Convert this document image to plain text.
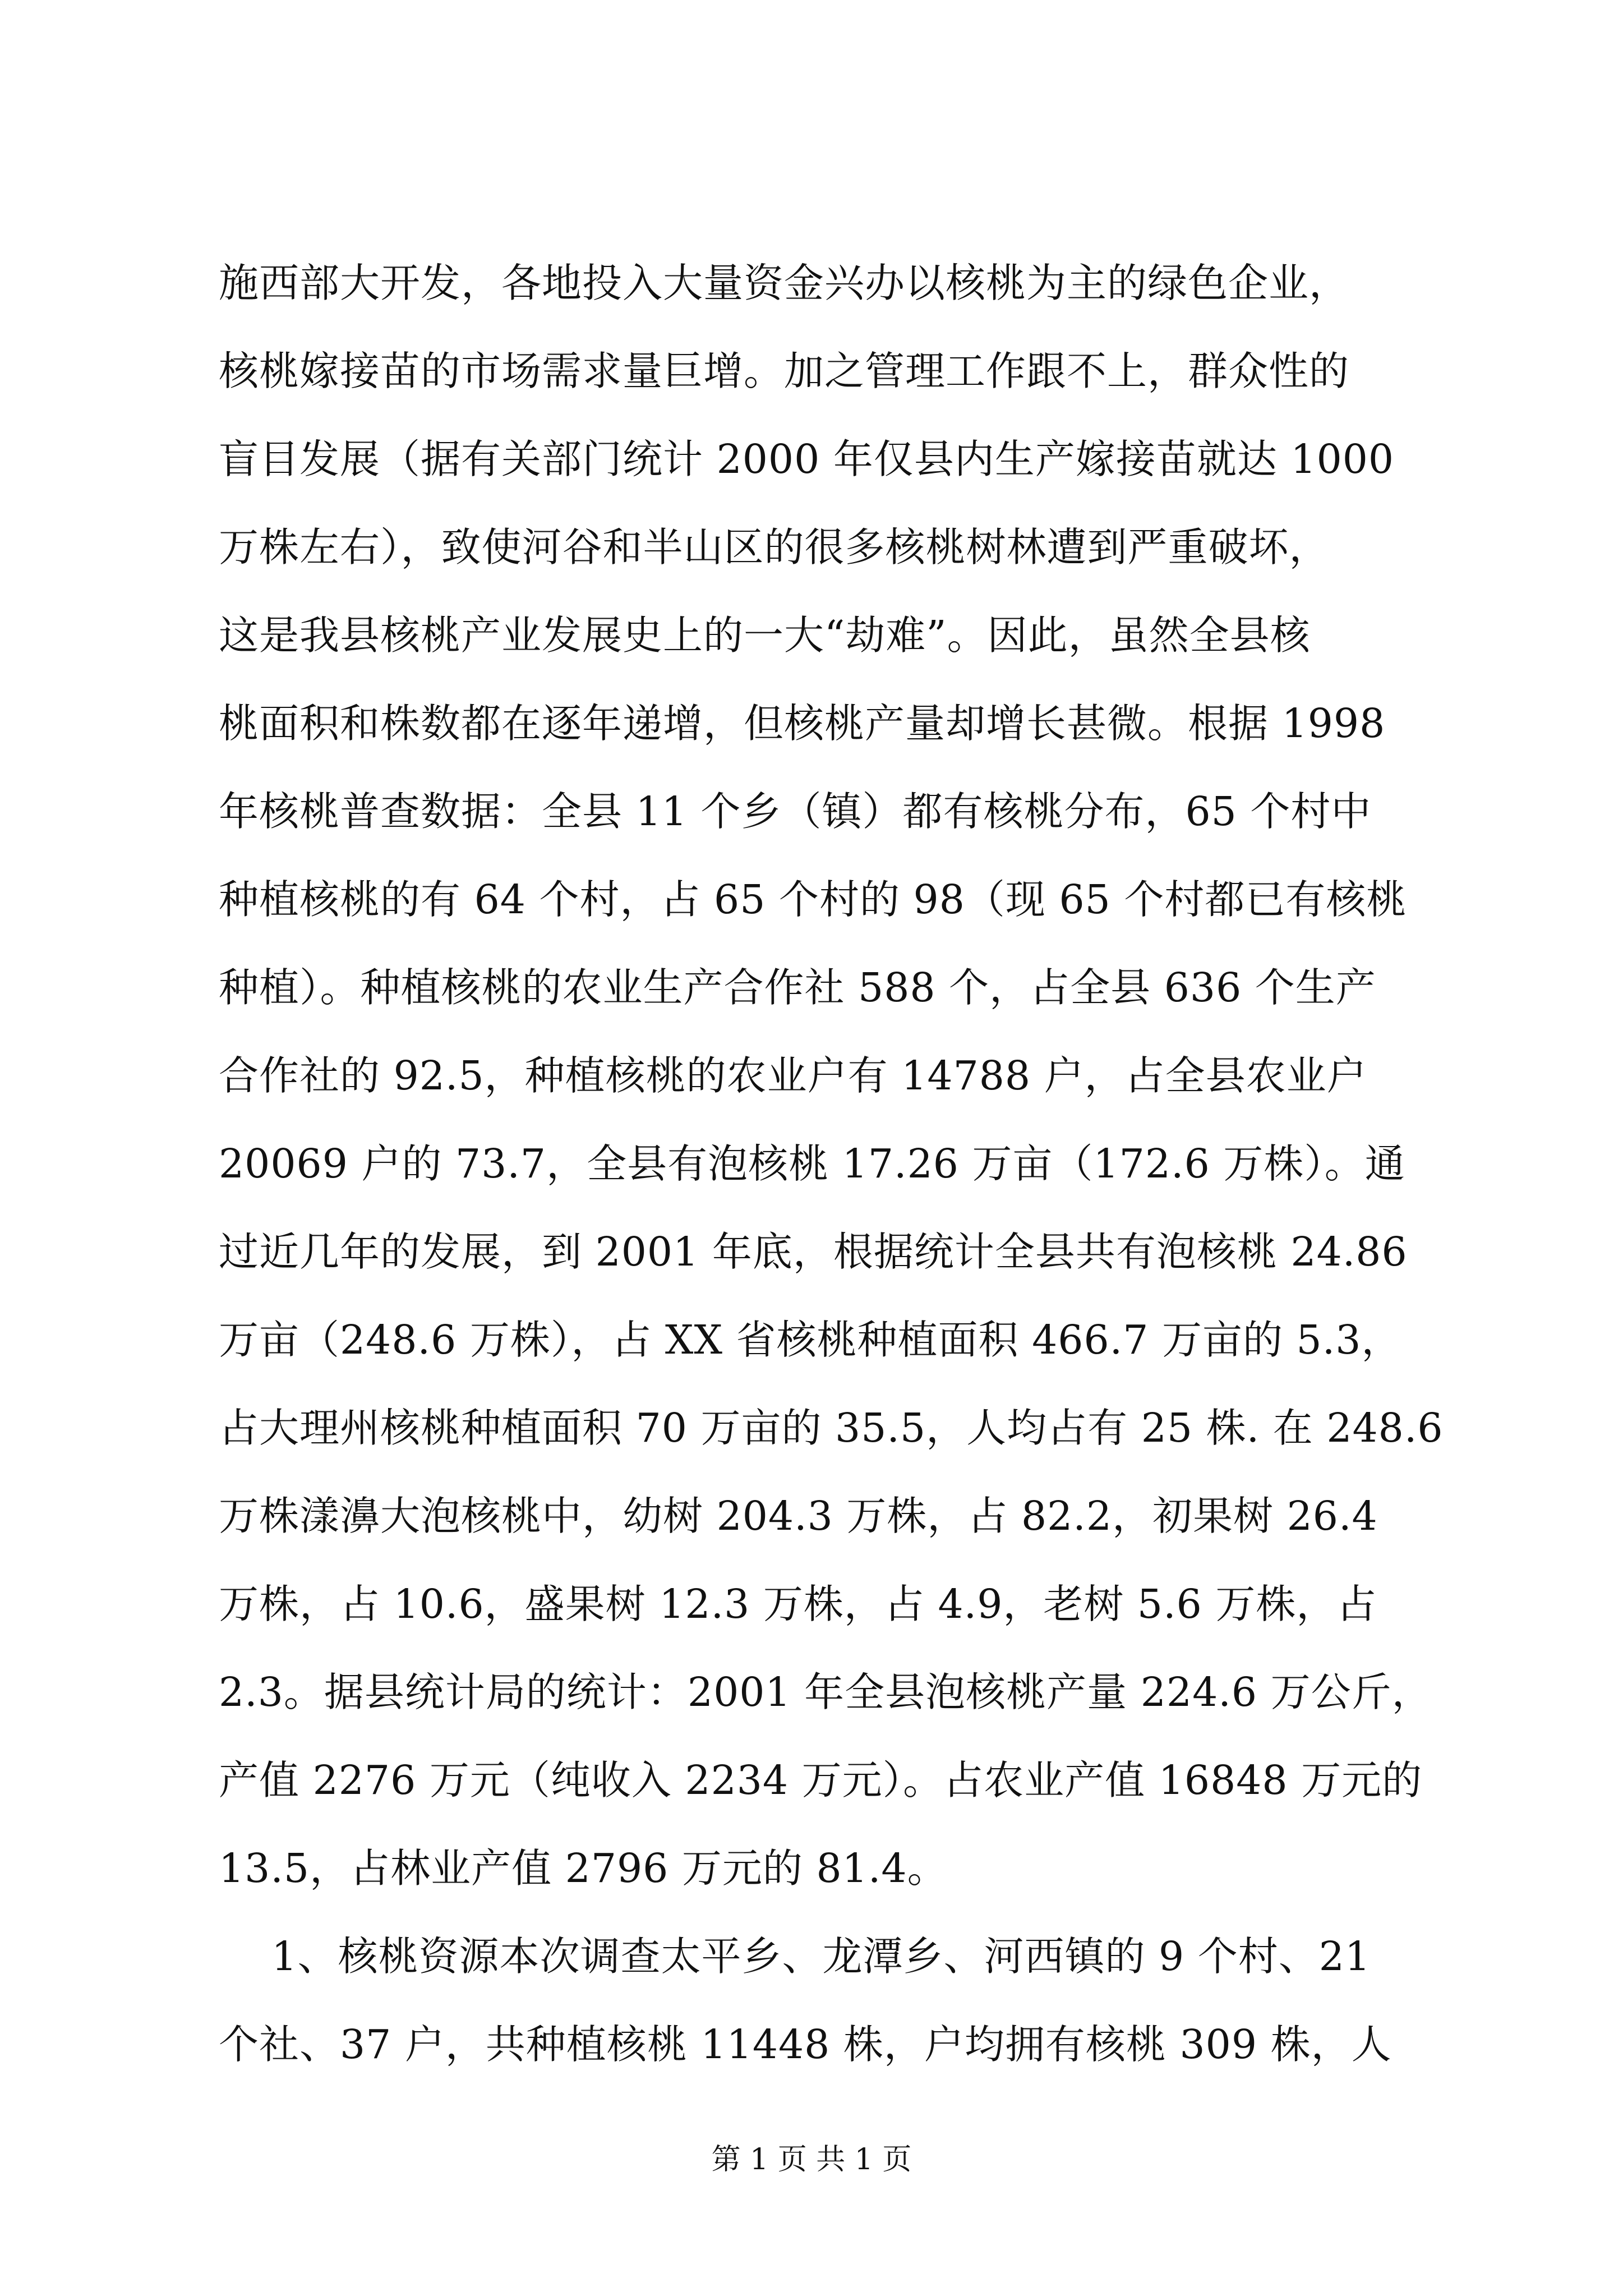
施西部大开发，各地投入大量资金兴办以核桃为主的绿色企业，
核桃嫁接苗的市场需求量巨增。加之管理工作跟不上，群众性的
盲目发展（据有关部门统计 2000 年仅县内生产嫁接苗就达 1000
万株左右），致使河谷和半山区的很多核桃树林遭到严重破坏，
这是我县核桃产业发展史上的一大“劫难”。因此，虽然全县核
桃面积和株数都在逐年递增，但核桃产量却增长甚微。根据 1998
年核桃普查数据：全县 11 个乡（镇）都有核桃分布，65 个村中
种植核桃的有 64 个村，占 65 个村的 98（现 65 个村都已有核桃
种植）。种植核桃的农业生产合作社 588 个，占全县 636 个生产
合作社的 92.5，种植核桃的农业户有 14788 户，占全县农业户
20069 户的 73.7，全县有泡核桃 17.26 万亩（172.6 万株）。通
过近几年的发展，到 2001 年底，根据统计全县共有泡核桃 24.86
万亩（248.6 万株），占 XX 省核桃种植面积 466.7 万亩的 5.3，
占大理州核桃种植面积 70 万亩的 35.5，人均占有 25 株. 在 248.6
万株漾濞大泡核桃中，幼树 204.3 万株，占 82.2，初果树 26.4
万株，占 10.6，盛果树 12.3 万株，占 4.9，老树 5.6 万株，占
2.3。据县统计局的统计：2001 年全县泡核桃产量 224.6 万公斤，
产值 2276 万元（纯收入 2234 万元）。占农业产值 16848 万元的
13.5，占林业产值 2796 万元的 81.4。
1、核桃资源本次调查太平乡、龙潭乡、河西镇的 9 个村、21
个社、37 户，共种植核桃 11448 株，户均拥有核桃 309 株，人
第 1 页 共 1 页
